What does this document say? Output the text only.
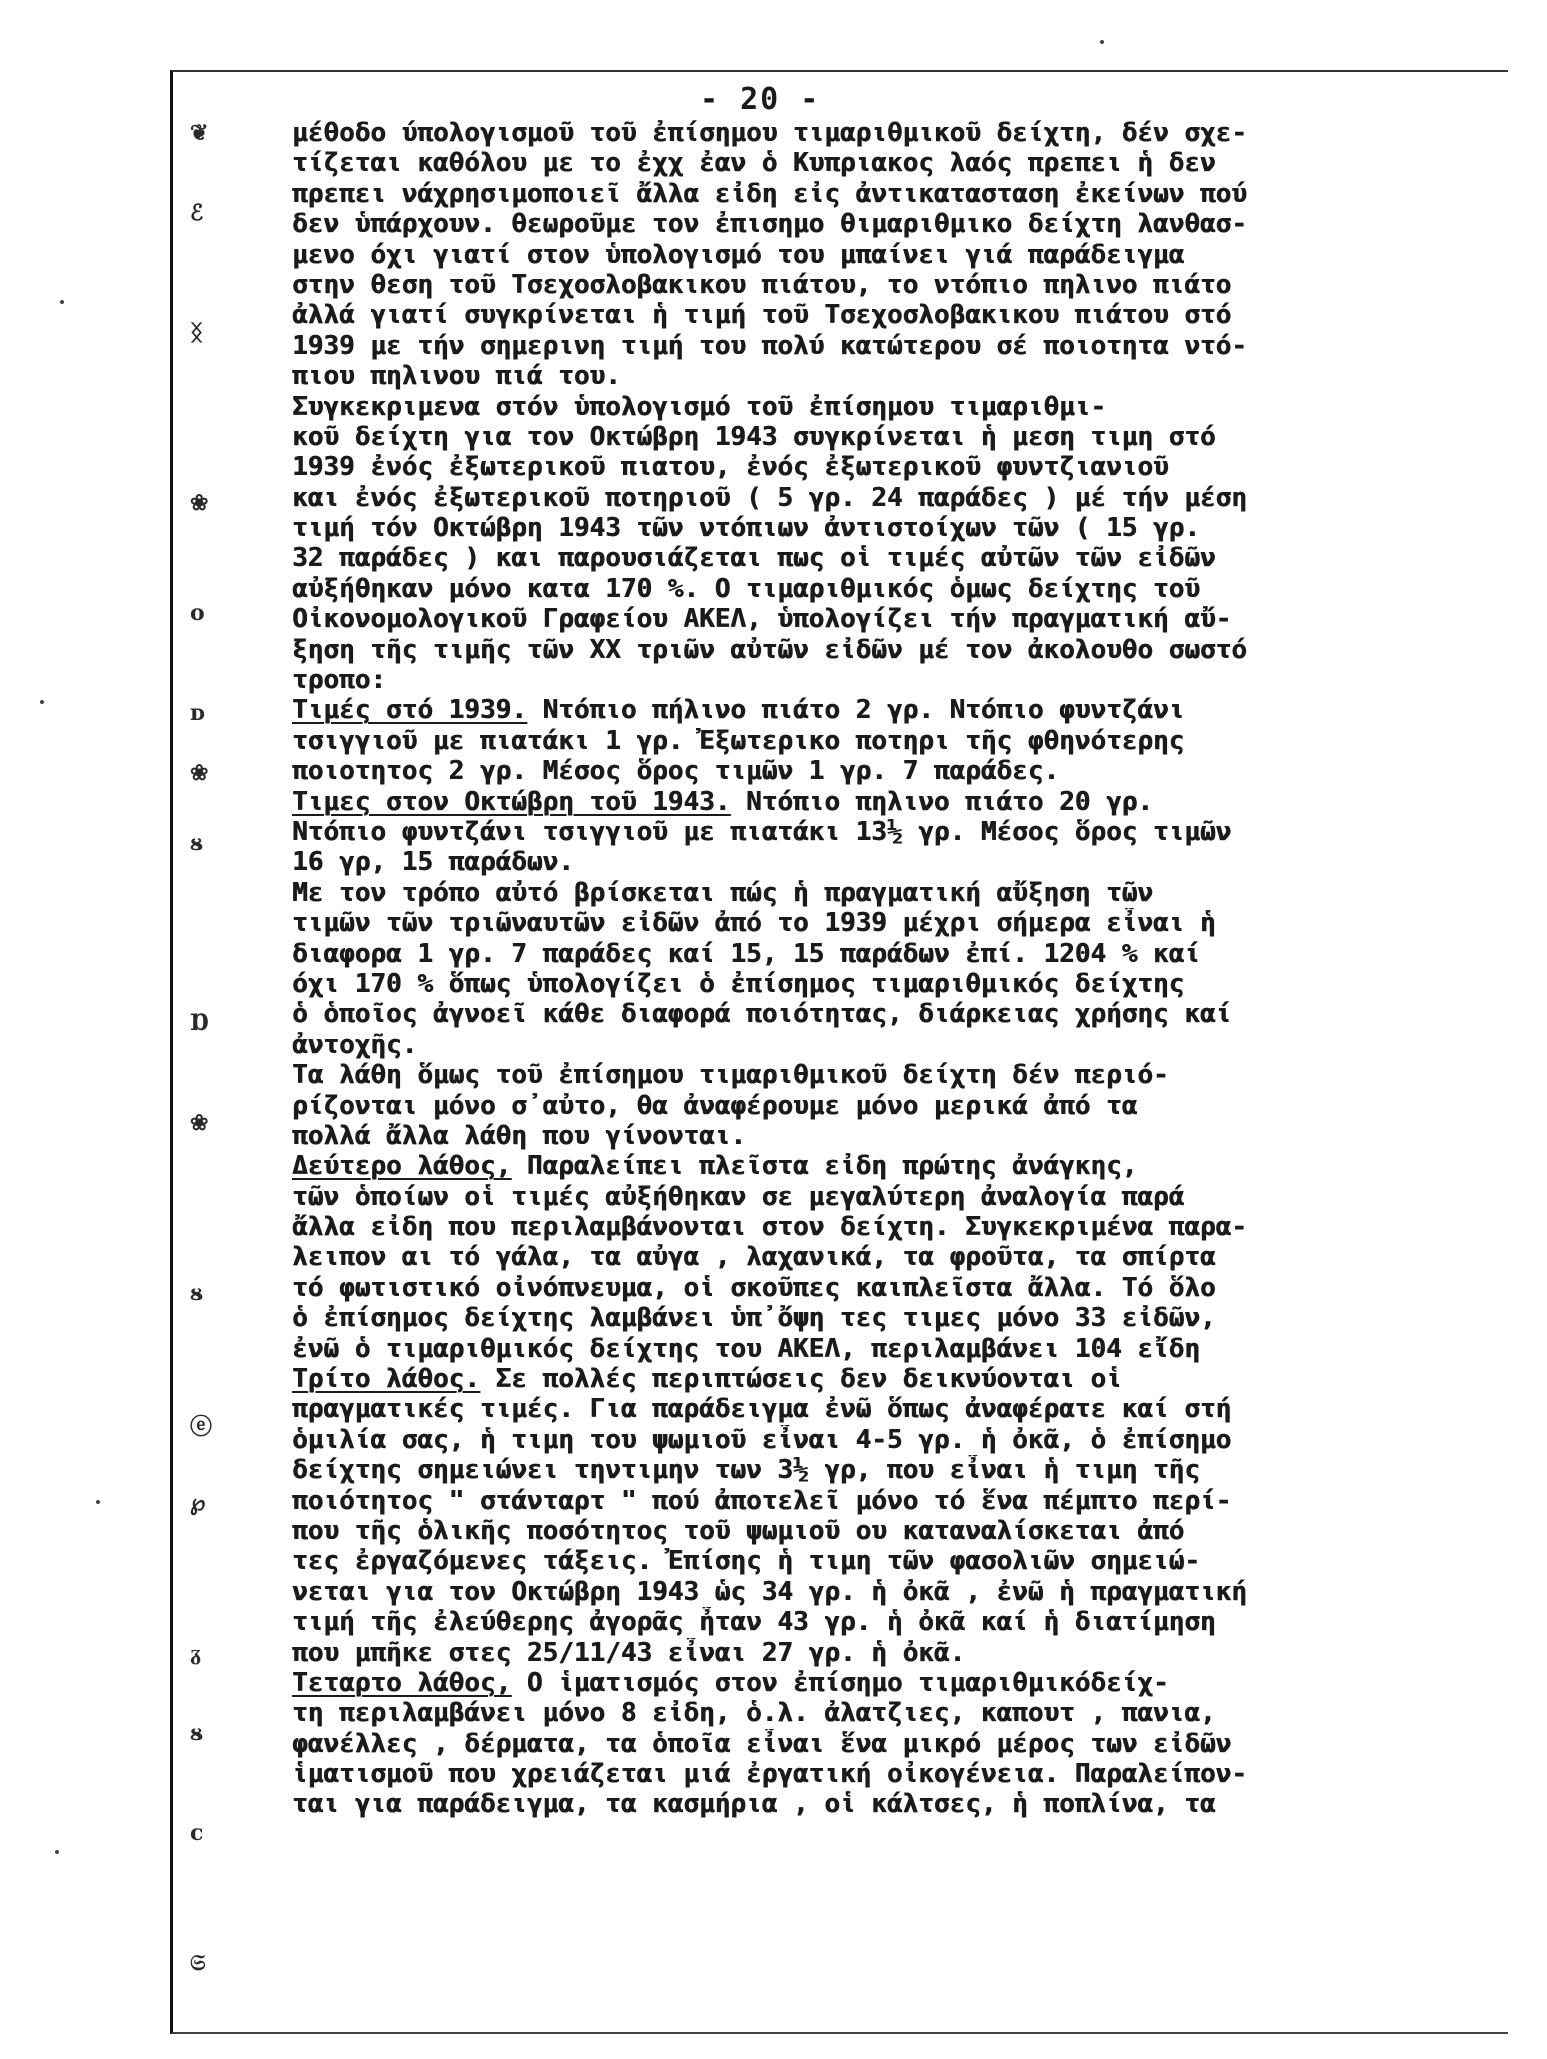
- 20 -
❦
ℰ
ᛝ
❀
o
ᴅ
❀
ᴕ
Ɒ
❀
ᴕ
ⓔ
℘
ᵹ
ᴕ
c
𝔖
μέθοδο ύπολογισμοῦ τοῦ ἐπίσημου τιμαριθμικοῦ δείχτη, δέν σχε-
τίζεται καθόλου με το ἐχχ ἐαν ὁ Κυπριακος λαός πρεπει ἡ δεν
πρεπει νάχρησιμοποιεῖ ἄλλα εἰδη εἰς ἀντικατασταση ἐκείνων πού
δεν ὑπάρχουν. θεωροῦμε τον ἐπισημο θιμαριθμικο δείχτη λανθασ-
μενο όχι γιατί στον ὑπολογισμό του μπαίνει γιά παράδειγμα
στην θεση τοῦ Τσεχοσλοβακικου πιάτου, το ντόπιο πηλινο πιάτο
ἀλλά γιατί συγκρίνεται ἡ τιμή τοῦ Τσεχοσλοβακικου πιάτου στό
1939 με τήν σημερινη τιμή του πολύ κατώτερου σέ ποιοτητα ντό-
πιου πηλινου πιά του.
Συγκεκριμενα στόν ὑπολογισμό τοῦ ἐπίσημου τιμαριθμι-
κοῦ δείχτη για τον Οκτώβρη 1943 συγκρίνεται ἡ μεση τιμη στό
1939 ἐνός ἐξωτερικοῦ πιατου, ἐνός ἐξωτερικοῦ φυντζιανιοῦ
και ἐνός ἐξωτερικοῦ ποτηριοῦ ( 5 γρ. 24 παράδες ) μέ τήν μέση
τιμή τόν Οκτώβρη 1943 τῶν ντόπιων ἀντιστοίχων τῶν ( 15 γρ.
32 παράδες ) και παρουσιάζεται πως οἱ τιμές αὐτῶν τῶν εἰδῶν
αὐξήθηκαν μόνο κατα 170 %. Ο τιμαριθμικός ὁμως δείχτης τοῦ
Οἰκονομολογικοῦ Γραφείου ΑΚΕΛ, ὑπολογίζει τήν πραγματική αὔ-
ξηση τῆς τιμῆς τῶν ΧΧ τριῶν αὐτῶν εἰδῶν μέ τον ἀκολουθο σωστό
τροπο:
Τιμές στό 1939. Ντόπιο πήλινο πιάτο 2 γρ. Ντόπιο φυντζάνι
τσιγγιοῦ με πιατάκι 1 γρ. Ἐξωτερικο ποτηρι τῆς φθηνότερης
ποιοτητος 2 γρ. Μέσος ὅρος τιμῶν 1 γρ. 7 παράδες.
Τιμες στον Οκτώβρη τοῦ 1943. Ντόπιο πηλινο πιάτο 20 γρ.
Ντόπιο φυντζάνι τσιγγιοῦ με πιατάκι 13½ γρ. Μέσος ὅρος τιμῶν
16 γρ, 15 παράδων.
Με τον τρόπο αὐτό βρίσκεται πώς ἡ πραγματική αὔξηση τῶν
τιμῶν τῶν τριῶναυτῶν εἰδῶν ἀπό το 1939 μέχρι σήμερα εἶναι ἡ
διαφορα 1 γρ. 7 παράδες καί 15, 15 παράδων ἐπί. 1204 % καί
όχι 170 % ὅπως ὑπολογίζει ὁ ἐπίσημος τιμαριθμικός δείχτης
ὁ ὁποῖος ἀγνοεῖ κάθε διαφορά ποιότητας, διάρκειας χρήσης καί
ἀντοχῆς.
Τα λάθη ὅμως τοῦ ἐπίσημου τιμαριθμικοῦ δείχτη δέν περιό-
ρίζονται μόνο σ᾽αὐτο, θα ἀναφέρουμε μόνο μερικά ἀπό τα
πολλά ἄλλα λάθη που γίνονται.
Δεύτερο λάθος, Παραλείπει πλεῖστα εἰδη πρώτης ἀνάγκης,
τῶν ὁποίων οἱ τιμές αὐξήθηκαν σε μεγαλύτερη ἀναλογία παρά
ἄλλα εἰδη που περιλαμβάνονται στον δείχτη. Συγκεκριμένα παρα-
λειπον αι τό γάλα, τα αὐγα , λαχανικά, τα φροῦτα, τα σπίρτα
τό φωτιστικό οἰνόπνευμα, οἱ σκοῦπες καιπλεῖστα ἄλλα. Τό ὅλο
ὁ ἐπίσημος δείχτης λαμβάνει ὑπ᾽ὄψη τες τιμες μόνο 33 εἰδῶν,
ἐνῶ ὁ τιμαριθμικός δείχτης του ΑΚΕΛ, περιλαμβάνει 104 εἴδη
Τρίτο λάθος. Σε πολλές περιπτώσεις δεν δεικνύονται οἱ
πραγματικές τιμές. Για παράδειγμα ἐνῶ ὅπως ἀναφέρατε καί στή
ὁμιλία σας, ἡ τιμη του ψωμιοῦ εἶναι 4-5 γρ. ἡ ὀκᾶ, ὁ ἐπίσημο
δείχτης σημειώνει τηντιμην των 3½ γρ, που εἶναι ἡ τιμη τῆς
ποιότητος " στάνταρτ " πού ἀποτελεῖ μόνο τό ἕνα πέμπτο περί-
που τῆς ὁλικῆς ποσότητος τοῦ ψωμιοῦ ου καταναλίσκεται ἀπό
τες ἐργαζόμενες τάξεις. Ἐπίσης ἡ τιμη τῶν φασολιῶν σημειώ-
νεται για τον Οκτώβρη 1943 ὡς 34 γρ. ἡ ὀκᾶ , ἐνῶ ἡ πραγματική
τιμή τῆς ἐλεύθερης ἀγορᾶς ἦταν 43 γρ. ἡ ὀκᾶ καί ἡ διατίμηση
που μπῆκε στες 25/11/43 εἶναι 27 γρ. ἡ ὀκᾶ.
Τεταρτο λάθος, Ο ἱματισμός στον ἐπίσημο τιμαριθμικόδείχ-
τη περιλαμβάνει μόνο 8 εἰδη, ὁ.λ. ἀλατζιες, καπουτ , πανια,
φανέλλες , δέρματα, τα ὁποῖα εἶναι ἕνα μικρό μέρος των εἰδῶν
ἱματισμοῦ που χρειάζεται μιά ἐργατική οἰκογένεια. Παραλείπον-
ται για παράδειγμα, τα κασμήρια , οἱ κάλτσες, ἡ ποπλίνα, τα
